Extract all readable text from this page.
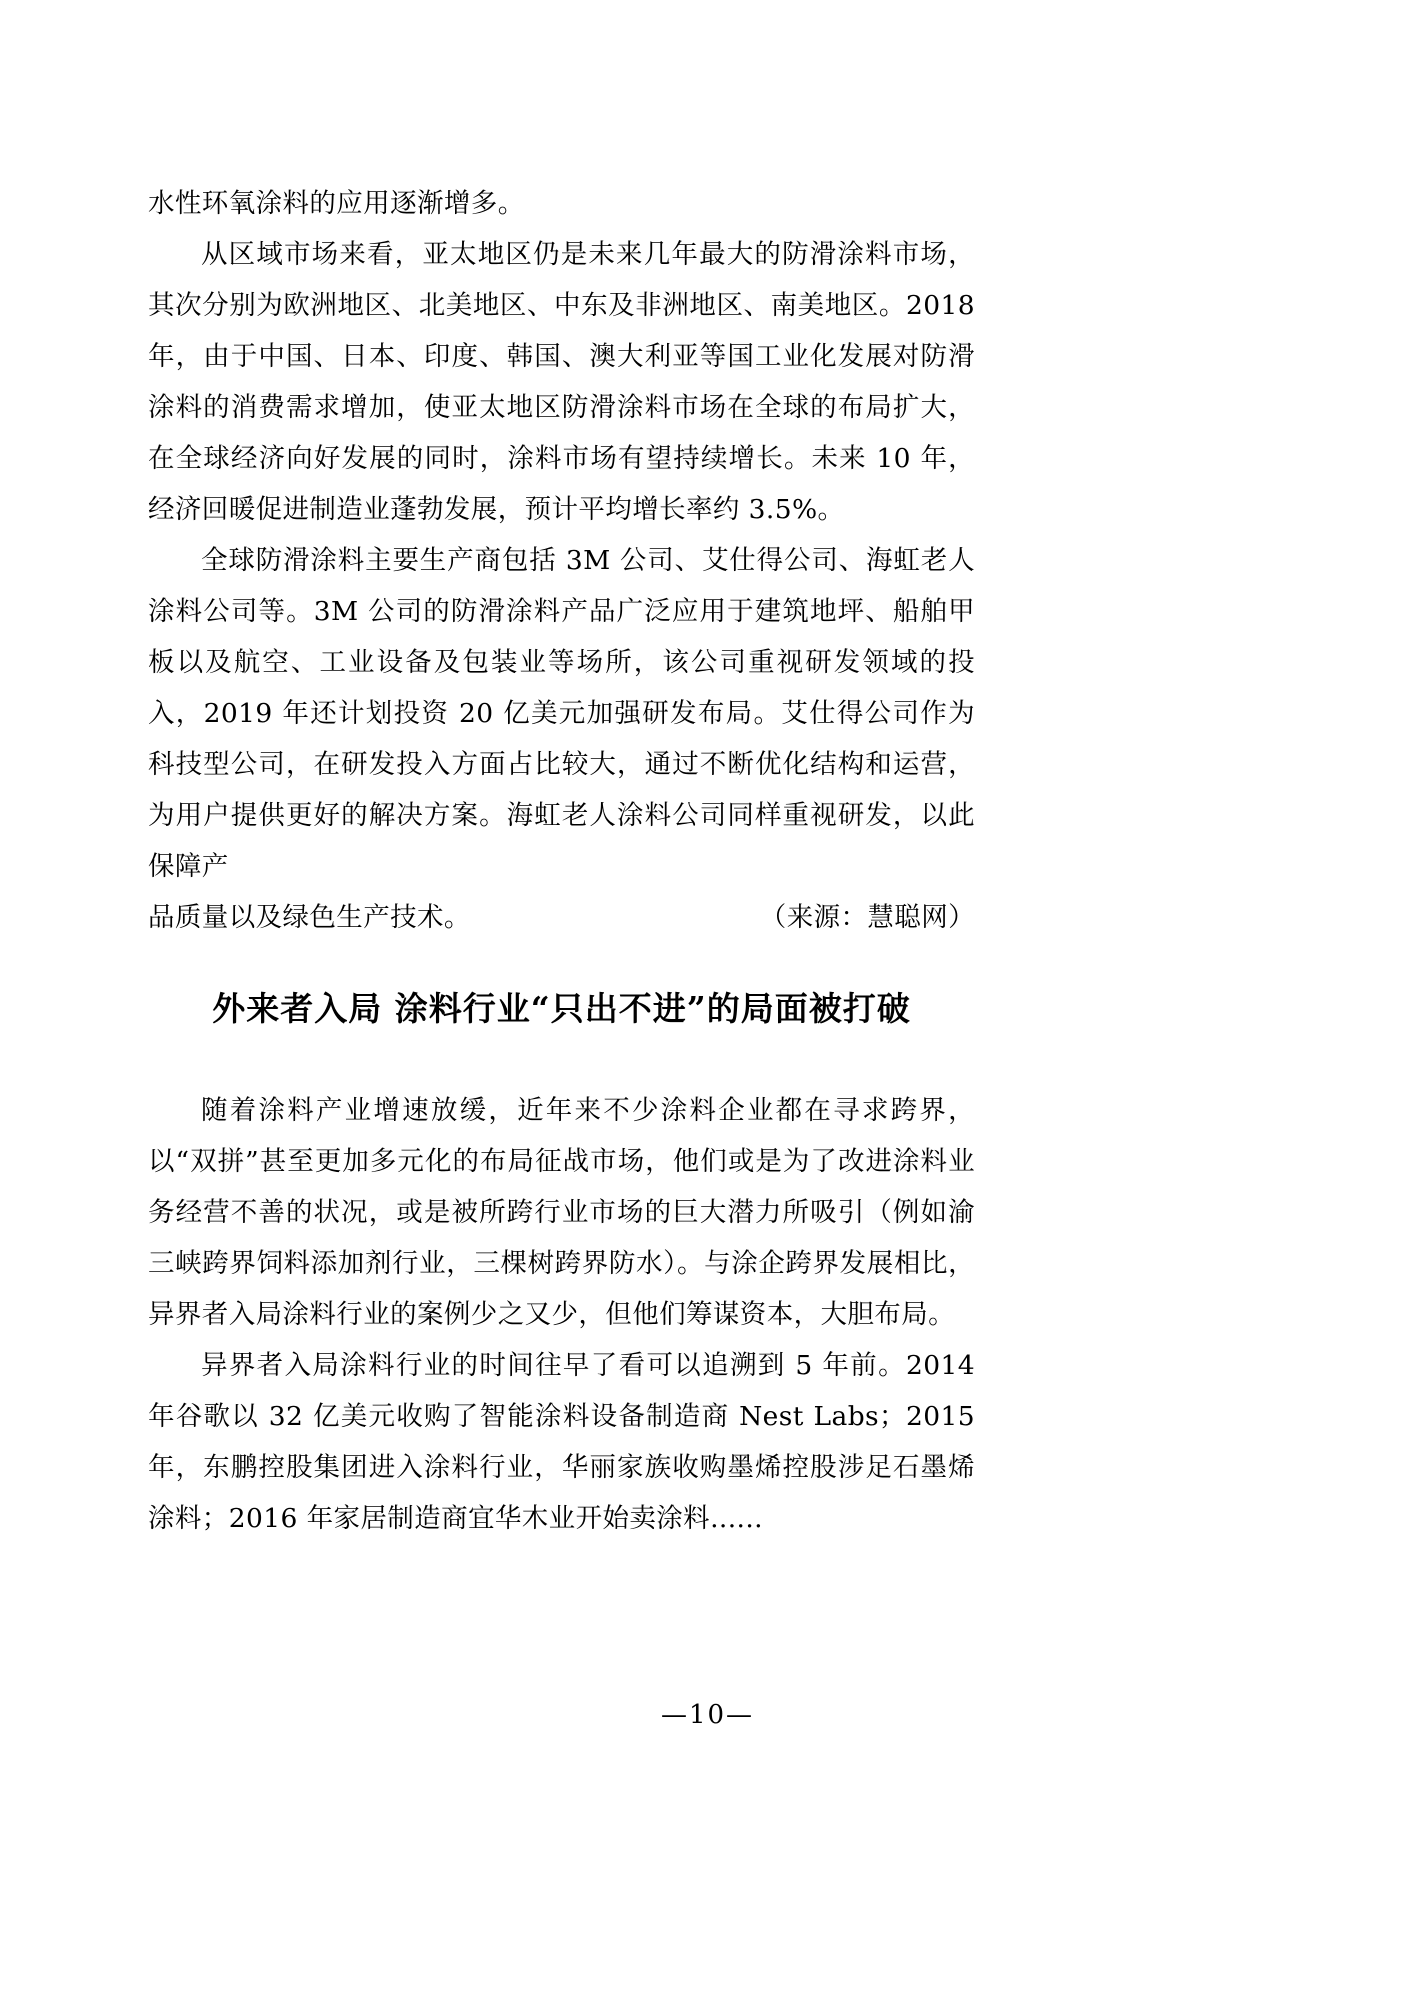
水性环氧涂料的应用逐渐增多。

从区域市场来看，亚太地区仍是未来几年最大的防滑涂料市场，其次分别为欧洲地区、北美地区、中东及非洲地区、南美地区。2018年，由于中国、日本、印度、韩国、澳大利亚等国工业化发展对防滑涂料的消费需求增加，使亚太地区防滑涂料市场在全球的布局扩大，在全球经济向好发展的同时，涂料市场有望持续增长。未来 10 年，经济回暖促进制造业蓬勃发展，预计平均增长率约 3.5%。

全球防滑涂料主要生产商包括 3M 公司、艾仕得公司、海虹老人涂料公司等。3M 公司的防滑涂料产品广泛应用于建筑地坪、船舶甲板以及航空、工业设备及包装业等场所，该公司重视研发领域的投入，2019 年还计划投资 20 亿美元加强研发布局。艾仕得公司作为科技型公司，在研发投入方面占比较大，通过不断优化结构和运营，为用户提供更好的解决方案。海虹老人涂料公司同样重视研发，以此保障产

（来源：慧聪网）
品质量以及绿色生产技术。

外来者入局 涂料行业“只出不进”的局面被打破

随着涂料产业增速放缓，近年来不少涂料企业都在寻求跨界，以“双拼”甚至更加多元化的布局征战市场，他们或是为了改进涂料业务经营不善的状况，或是被所跨行业市场的巨大潜力所吸引（例如渝三峡跨界饲料添加剂行业，三棵树跨界防水）。与涂企跨界发展相比，异界者入局涂料行业的案例少之又少，但他们筹谋资本，大胆布局。

异界者入局涂料行业的时间往早了看可以追溯到 5 年前。2014 年谷歌以 32 亿美元收购了智能涂料设备制造商 Nest Labs；2015 年，东鹏控股集团进入涂料行业，华丽家族收购墨烯控股涉足石墨烯涂料；2016 年家居制造商宜华木业开始卖涂料......

—10—
